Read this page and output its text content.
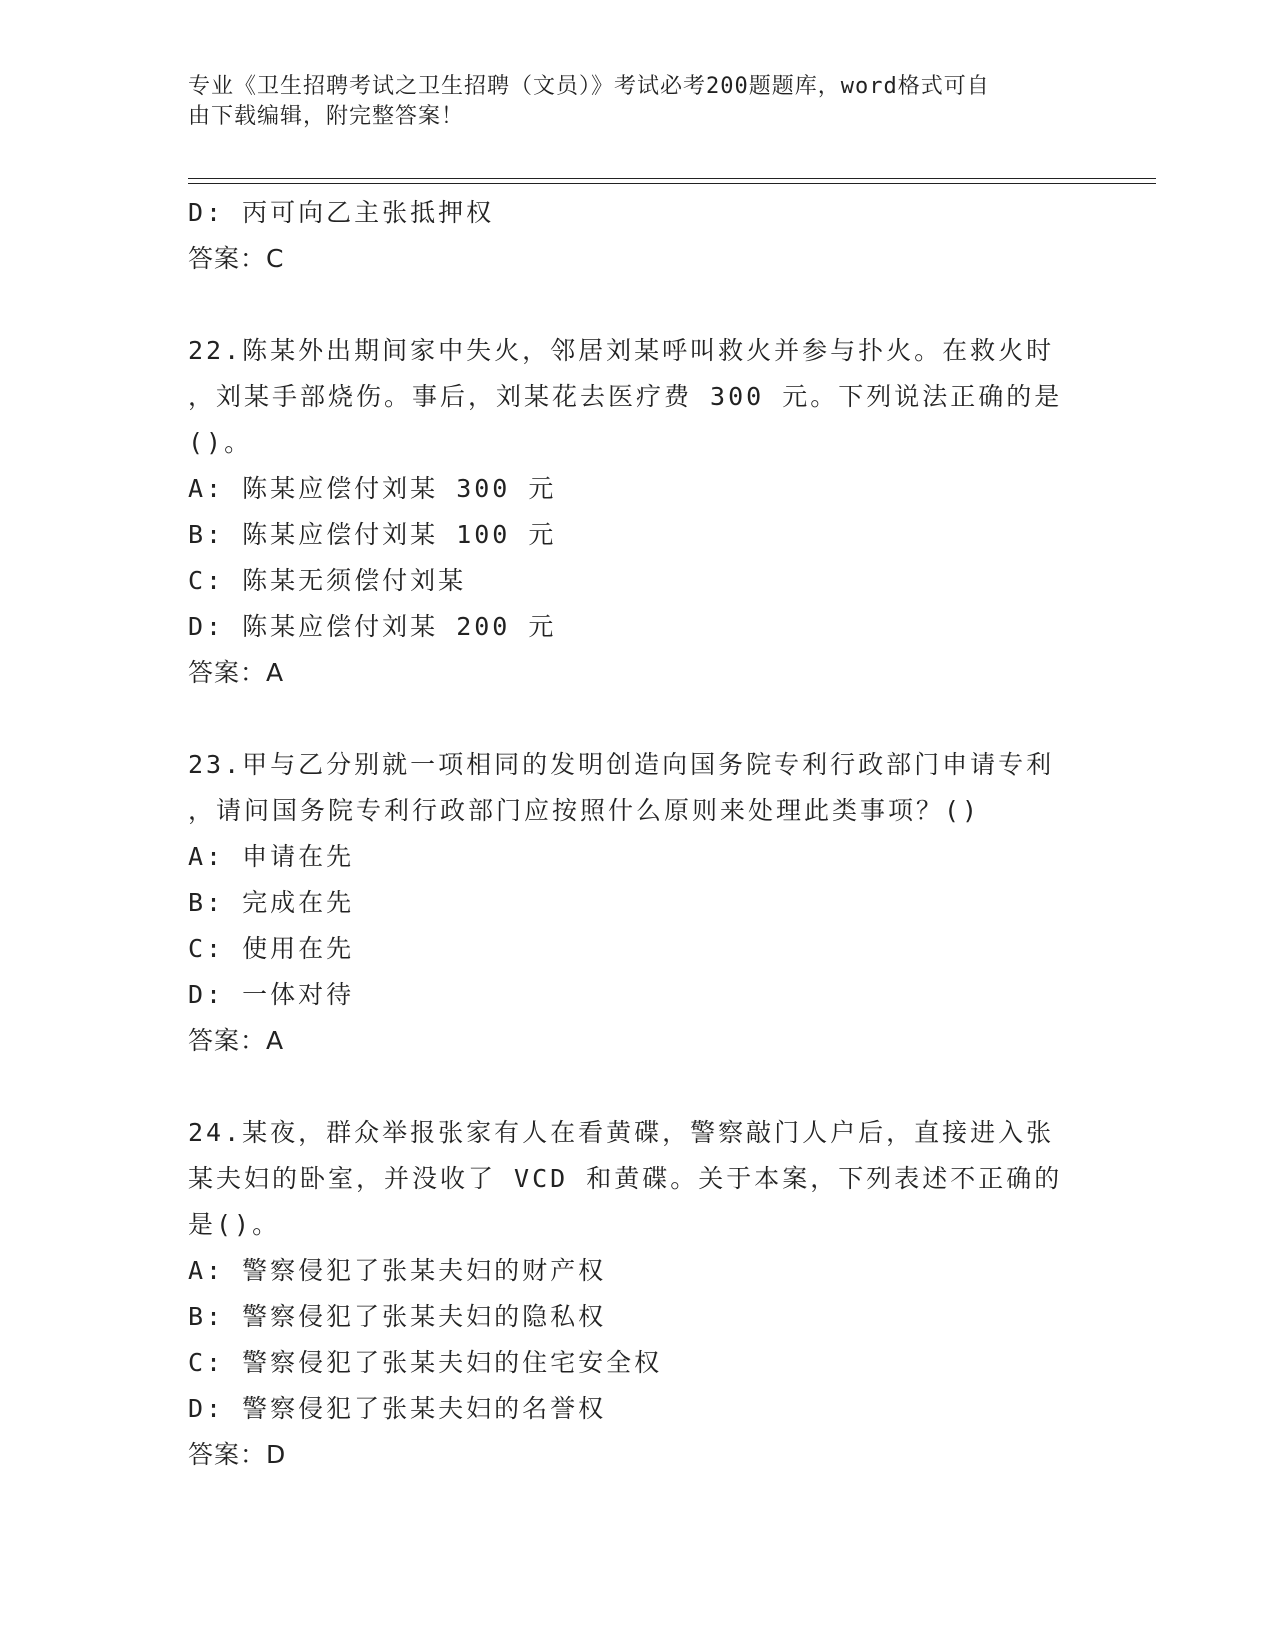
专业《卫生招聘考试之卫生招聘（文员）》考试必考200题题库，word格式可自
由下载编辑，附完整答案！
D: 丙可向乙主张抵押权
答案：C
22.陈某外出期间家中失火，邻居刘某呼叫救火并参与扑火。在救火时
，刘某手部烧伤。事后，刘某花去医疗费 300 元。下列说法正确的是
()。
A: 陈某应偿付刘某 300 元
B: 陈某应偿付刘某 100 元
C: 陈某无须偿付刘某
D: 陈某应偿付刘某 200 元
答案：A
23.甲与乙分别就一项相同的发明创造向国务院专利行政部门申请专利
，请问国务院专利行政部门应按照什么原则来处理此类事项？()
A: 申请在先
B: 完成在先
C: 使用在先
D: 一体对待
答案：A
24.某夜，群众举报张家有人在看黄碟，警察敲门人户后，直接进入张
某夫妇的卧室，并没收了 VCD 和黄碟。关于本案，下列表述不正确的
是()。
A: 警察侵犯了张某夫妇的财产权
B: 警察侵犯了张某夫妇的隐私权
C: 警察侵犯了张某夫妇的住宅安全权
D: 警察侵犯了张某夫妇的名誉权
答案：D
